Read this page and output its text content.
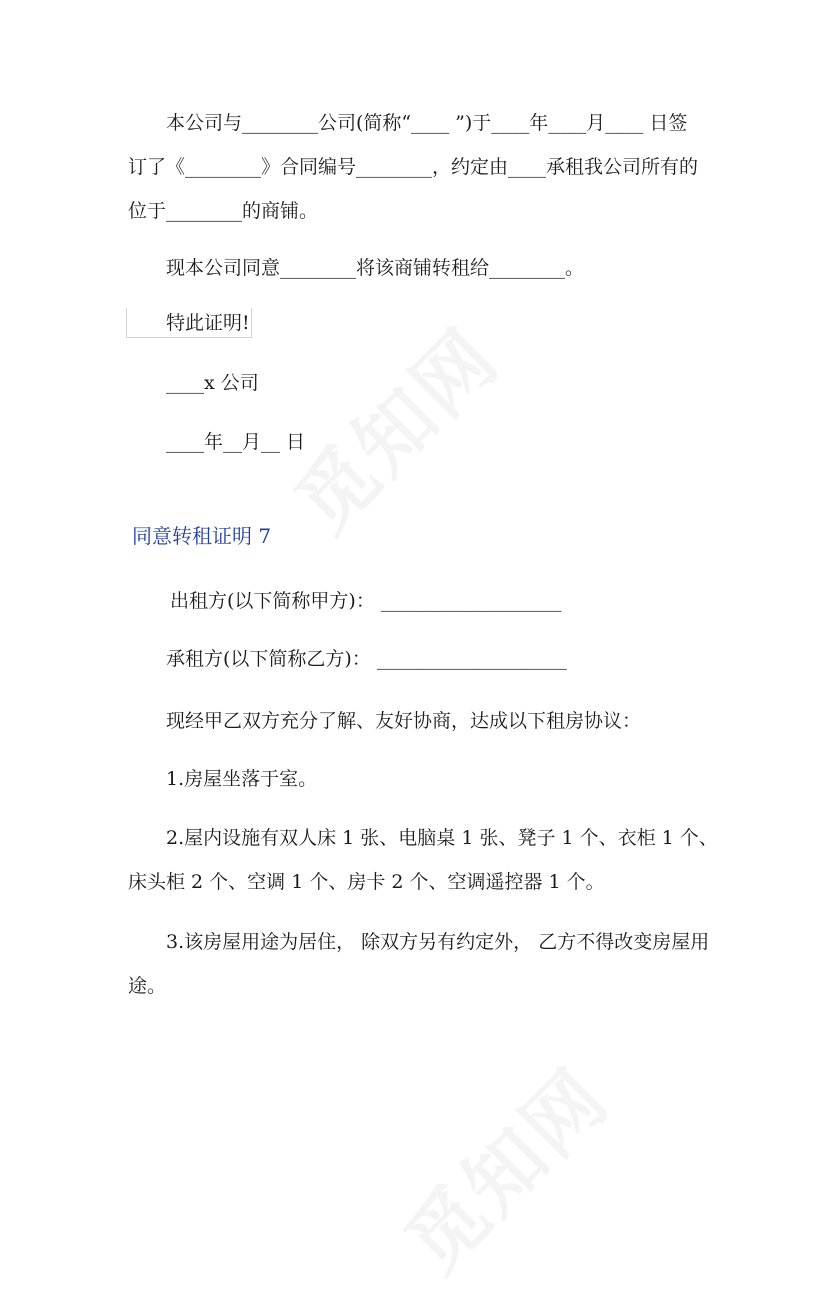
觅知网
觅知网
本公司与________公司(简称“____ ”)于____年____月____ 日签
订了《________》合同编号________，约定由____承租我公司所有的
位于________的商铺。
现本公司同意________将该商铺转租给________。
特此证明!
____x 公司
____年__月__ 日
同意转租证明 7
出租方(以下简称甲方)： ___________________
承租方(以下简称乙方)： ____________________
现经甲乙双方充分了解、友好协商，达成以下租房协议：
1.房屋坐落于室。
2.屋内设施有双人床 1 张、电脑桌 1 张、凳子 1 个、衣柜 1 个、
床头柜 2 个、空调 1 个、房卡 2 个、空调遥控器 1 个。
3.该房屋用途为居住， 除双方另有约定外， 乙方不得改变房屋用
途。
